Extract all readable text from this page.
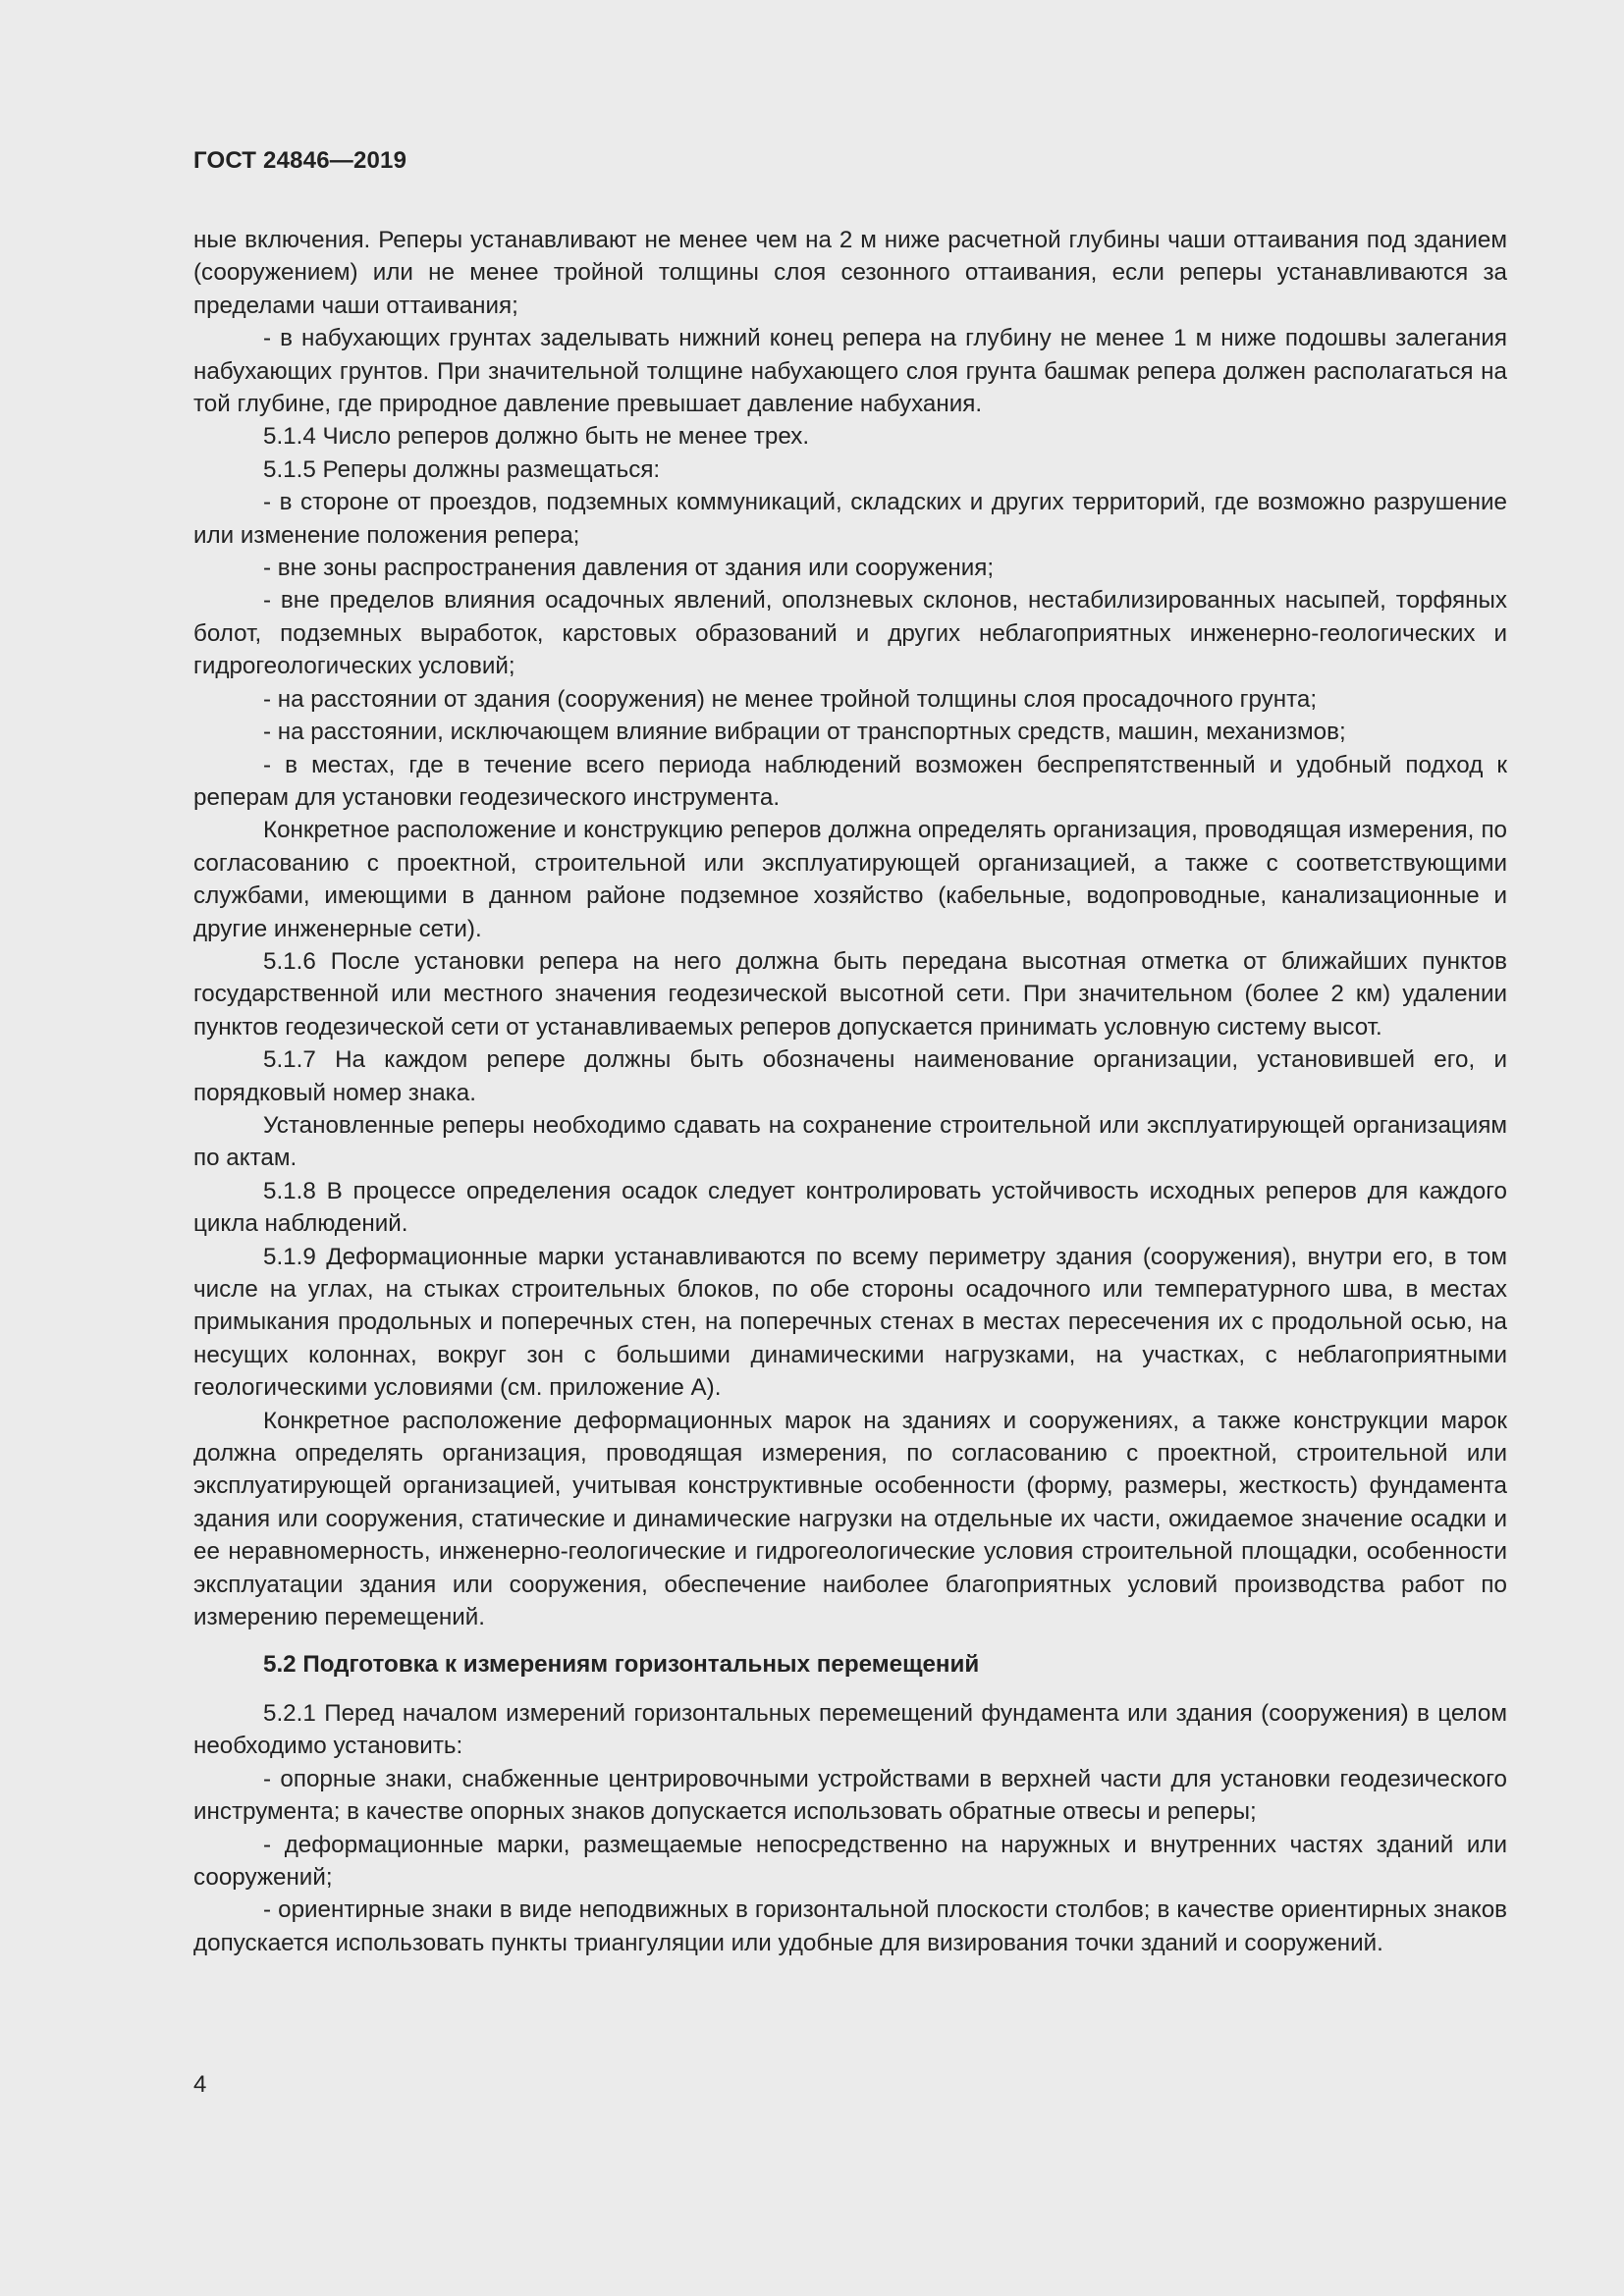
ГОСТ 24846—2019

ные включения. Реперы устанавливают не менее чем на 2 м ниже расчетной глубины чаши оттаивания под зданием (сооружением) или не менее тройной толщины слоя сезонного оттаивания, если реперы устанавливаются за пределами чаши оттаивания;

- в набухающих грунтах заделывать нижний конец репера на глубину не менее 1 м ниже подошвы залегания набухающих грунтов. При значительной толщине набухающего слоя грунта башмак репера должен располагаться на той глубине, где природное давление превышает давление набухания.

5.1.4 Число реперов должно быть не менее трех.

5.1.5 Реперы должны размещаться:

- в стороне от проездов, подземных коммуникаций, складских и других территорий, где возможно разрушение или изменение положения репера;

- вне зоны распространения давления от здания или сооружения;

- вне пределов влияния осадочных явлений, оползневых склонов, нестабилизированных насыпей, торфяных болот, подземных выработок, карстовых образований и других неблагоприятных инженерно-геологических и гидрогеологических условий;

- на расстоянии от здания (сооружения) не менее тройной толщины слоя просадочного грунта;

- на расстоянии, исключающем влияние вибрации от транспортных средств, машин, механизмов;

- в местах, где в течение всего периода наблюдений возможен беспрепятственный и удобный подход к реперам для установки геодезического инструмента.

Конкретное расположение и конструкцию реперов должна определять организация, проводящая измерения, по согласованию с проектной, строительной или эксплуатирующей организацией, а также с соответствующими службами, имеющими в данном районе подземное хозяйство (кабельные, водопроводные, канализационные и другие инженерные сети).

5.1.6 После установки репера на него должна быть передана высотная отметка от ближайших пунктов государственной или местного значения геодезической высотной сети. При значительном (более 2 км) удалении пунктов геодезической сети от устанавливаемых реперов допускается принимать условную систему высот.

5.1.7 На каждом репере должны быть обозначены наименование организации, установившей его, и порядковый номер знака.

Установленные реперы необходимо сдавать на сохранение строительной или эксплуатирующей организациям по актам.

5.1.8 В процессе определения осадок следует контролировать устойчивость исходных реперов для каждого цикла наблюдений.

5.1.9 Деформационные марки устанавливаются по всему периметру здания (сооружения), внутри его, в том числе на углах, на стыках строительных блоков, по обе стороны осадочного или температурного шва, в местах примыкания продольных и поперечных стен, на поперечных стенах в местах пересечения их с продольной осью, на несущих колоннах, вокруг зон с большими динамическими нагрузками, на участках, с неблагоприятными геологическими условиями (см. приложение А).

Конкретное расположение деформационных марок на зданиях и сооружениях, а также конструкции марок должна определять организация, проводящая измерения, по согласованию с проектной, строительной или эксплуатирующей организацией, учитывая конструктивные особенности (форму, размеры, жесткость) фундамента здания или сооружения, статические и динамические нагрузки на отдельные их части, ожидаемое значение осадки и ее неравномерность, инженерно-геологические и гидрогеологические условия строительной площадки, особенности эксплуатации здания или сооружения, обеспечение наиболее благоприятных условий производства работ по измерению перемещений.

5.2 Подготовка к измерениям горизонтальных перемещений

5.2.1 Перед началом измерений горизонтальных перемещений фундамента или здания (сооружения) в целом необходимо установить:

- опорные знаки, снабженные центрировочными устройствами в верхней части для установки геодезического инструмента; в качестве опорных знаков допускается использовать обратные отвесы и реперы;

- деформационные марки, размещаемые непосредственно на наружных и внутренних частях зданий или сооружений;

- ориентирные знаки в виде неподвижных в горизонтальной плоскости столбов; в качестве ориентирных знаков допускается использовать пункты триангуляции или удобные для визирования точки зданий и сооружений.

4
